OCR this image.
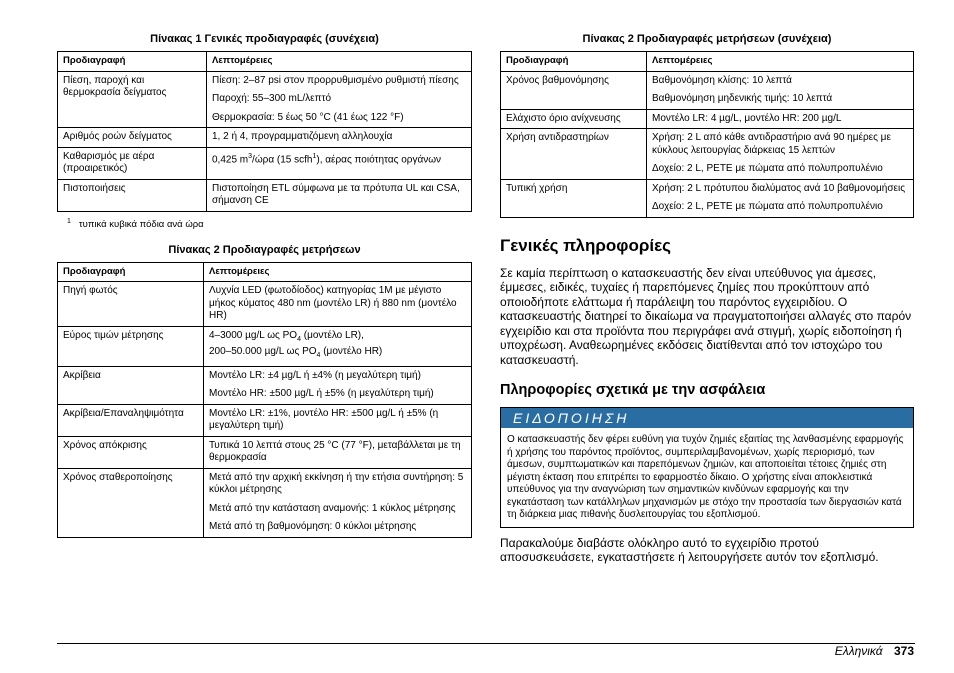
Πίνακας 1 Γενικές προδιαγραφές (συνέχεια)

Προδιαγραφή	Λεπτομέρειες
Πίεση, παροχή και θερμοκρασία δείγματος	Πίεση: 2–87 psi στον προρρυθμισμένο ρυθμιστή πίεσης

Παροχή: 55–300 mL/λεπτό

Θερμοκρασία: 5 έως 50 °C (41 έως 122 °F)

Αριθμός ροών δείγματος	1, 2 ή 4, προγραμματιζόμενη αλληλουχία

Καθαρισμός με αέρα (προαιρετικός)	0,425 $m^3$/ώρα (15 scfh$^1$), αέρας ποιότητας οργάνων

Πιστοποιήσεις	Πιστοποίηση ETL σύμφωνα με τα πρότυπα UL και CSA, σήμανση CE

$^1$ τυπικά κυβικά πόδια ανά ώρα

Πίνακας 2 Προδιαγραφές μετρήσεων

Προδιαγραφή	Λεπτομέρειες
Πηγή φωτός	Λυχνία LED (φωτοδίοδος) κατηγορίας 1M με μέγιστο μήκος κύματος 480 nm (μοντέλο LR) ή 880 nm (μοντέλο HR)

Εύρος τιμών μέτρησης	4–3000 µg/L ως $PO_4$ (μοντέλο LR),
200–50.000 µg/L ως $PO_4$ (μοντέλο HR)

Ακρίβεια	Μοντέλο LR: ±4 µg/L ή ±4% (η μεγαλύτερη τιμή)

Μοντέλο HR: ±500 µg/L ή ±5% (η μεγαλύτερη τιμή)

Ακρίβεια/Επαναληψιμότητα	Μοντέλο LR: ±1%, μοντέλο HR: ±500 µg/L ή ±5% (η μεγαλύτερη τιμή)

Χρόνος απόκρισης	Τυπικά 10 λεπτά στους 25 °C (77 °F), μεταβάλλεται με τη θερμοκρασία

Χρόνος σταθεροποίησης	Μετά από την αρχική εκκίνηση ή την ετήσια συντήρηση: 5 κύκλοι μέτρησης

Μετά από την κατάσταση αναμονής: 1 κύκλος μέτρησης

Μετά από τη βαθμονόμηση: 0 κύκλοι μέτρησης

Πίνακας 2 Προδιαγραφές μετρήσεων (συνέχεια)

Προδιαγραφή	Λεπτομέρειες
Χρόνος βαθμονόμησης	Βαθμονόμηση κλίσης: 10 λεπτά

Βαθμονόμηση μηδενικής τιμής: 10 λεπτά

Ελάχιστο όριο ανίχνευσης	Μοντέλο LR: 4 µg/L, μοντέλο HR: 200 µg/L

Χρήση αντιδραστηρίων	Χρήση: 2 L από κάθε αντιδραστήριο ανά 90 ημέρες με κύκλους λειτουργίας διάρκειας 15 λεπτών

Δοχείο: 2 L, PETE με πώματα από πολυπροπυλένιο

Τυπική χρήση	Χρήση: 2 L πρότυπου διαλύματος ανά 10 βαθμονομήσεις

Δοχείο: 2 L, PETE με πώματα από πολυπροπυλένιο

Γενικές πληροφορίες

Σε καμία περίπτωση ο κατασκευαστής δεν είναι υπεύθυνος για άμεσες, έμμεσες, ειδικές, τυχαίες ή παρεπόμενες ζημίες που προκύπτουν από οποιοδήποτε ελάττωμα ή παράλειψη του παρόντος εγχειριδίου. Ο κατασκευαστής διατηρεί το δικαίωμα να πραγματοποιήσει αλλαγές στο παρόν εγχειρίδιο και στα προϊόντα που περιγράφει ανά στιγμή, χωρίς ειδοποίηση ή υποχρέωση. Αναθεωρημένες εκδόσεις διατίθενται από τον ιστοχώρο του κατασκευαστή.

Πληροφορίες σχετικά με την ασφάλεια
ΕΙΔΟΠΟΙΗΣΗ
Ο κατασκευαστής δεν φέρει ευθύνη για τυχόν ζημιές εξαιτίας της λανθασμένης εφαρμογής ή χρήσης του παρόντος προϊόντος, συμπεριλαμβανομένων, χωρίς περιορισμό, των άμεσων, συμπτωματικών και παρεπόμενων ζημιών, και αποποιείται τέτοιες ζημιές στη μέγιστη έκταση που επιτρέπει το εφαρμοστέο δίκαιο. Ο χρήστης είναι αποκλειστικά υπεύθυνος για την αναγνώριση των σημαντικών κινδύνων εφαρμογής και την εγκατάσταση των κατάλληλων μηχανισμών με στόχο την προστασία των διεργασιών κατά τη διάρκεια μιας πιθανής δυσλειτουργίας του εξοπλισμού.

Παρακαλούμε διαβάστε ολόκληρο αυτό το εγχειρίδιο προτού αποσυσκευάσετε, εγκαταστήσετε ή λειτουργήσετε αυτόν τον εξοπλισμό.

Ελληνικά 373
